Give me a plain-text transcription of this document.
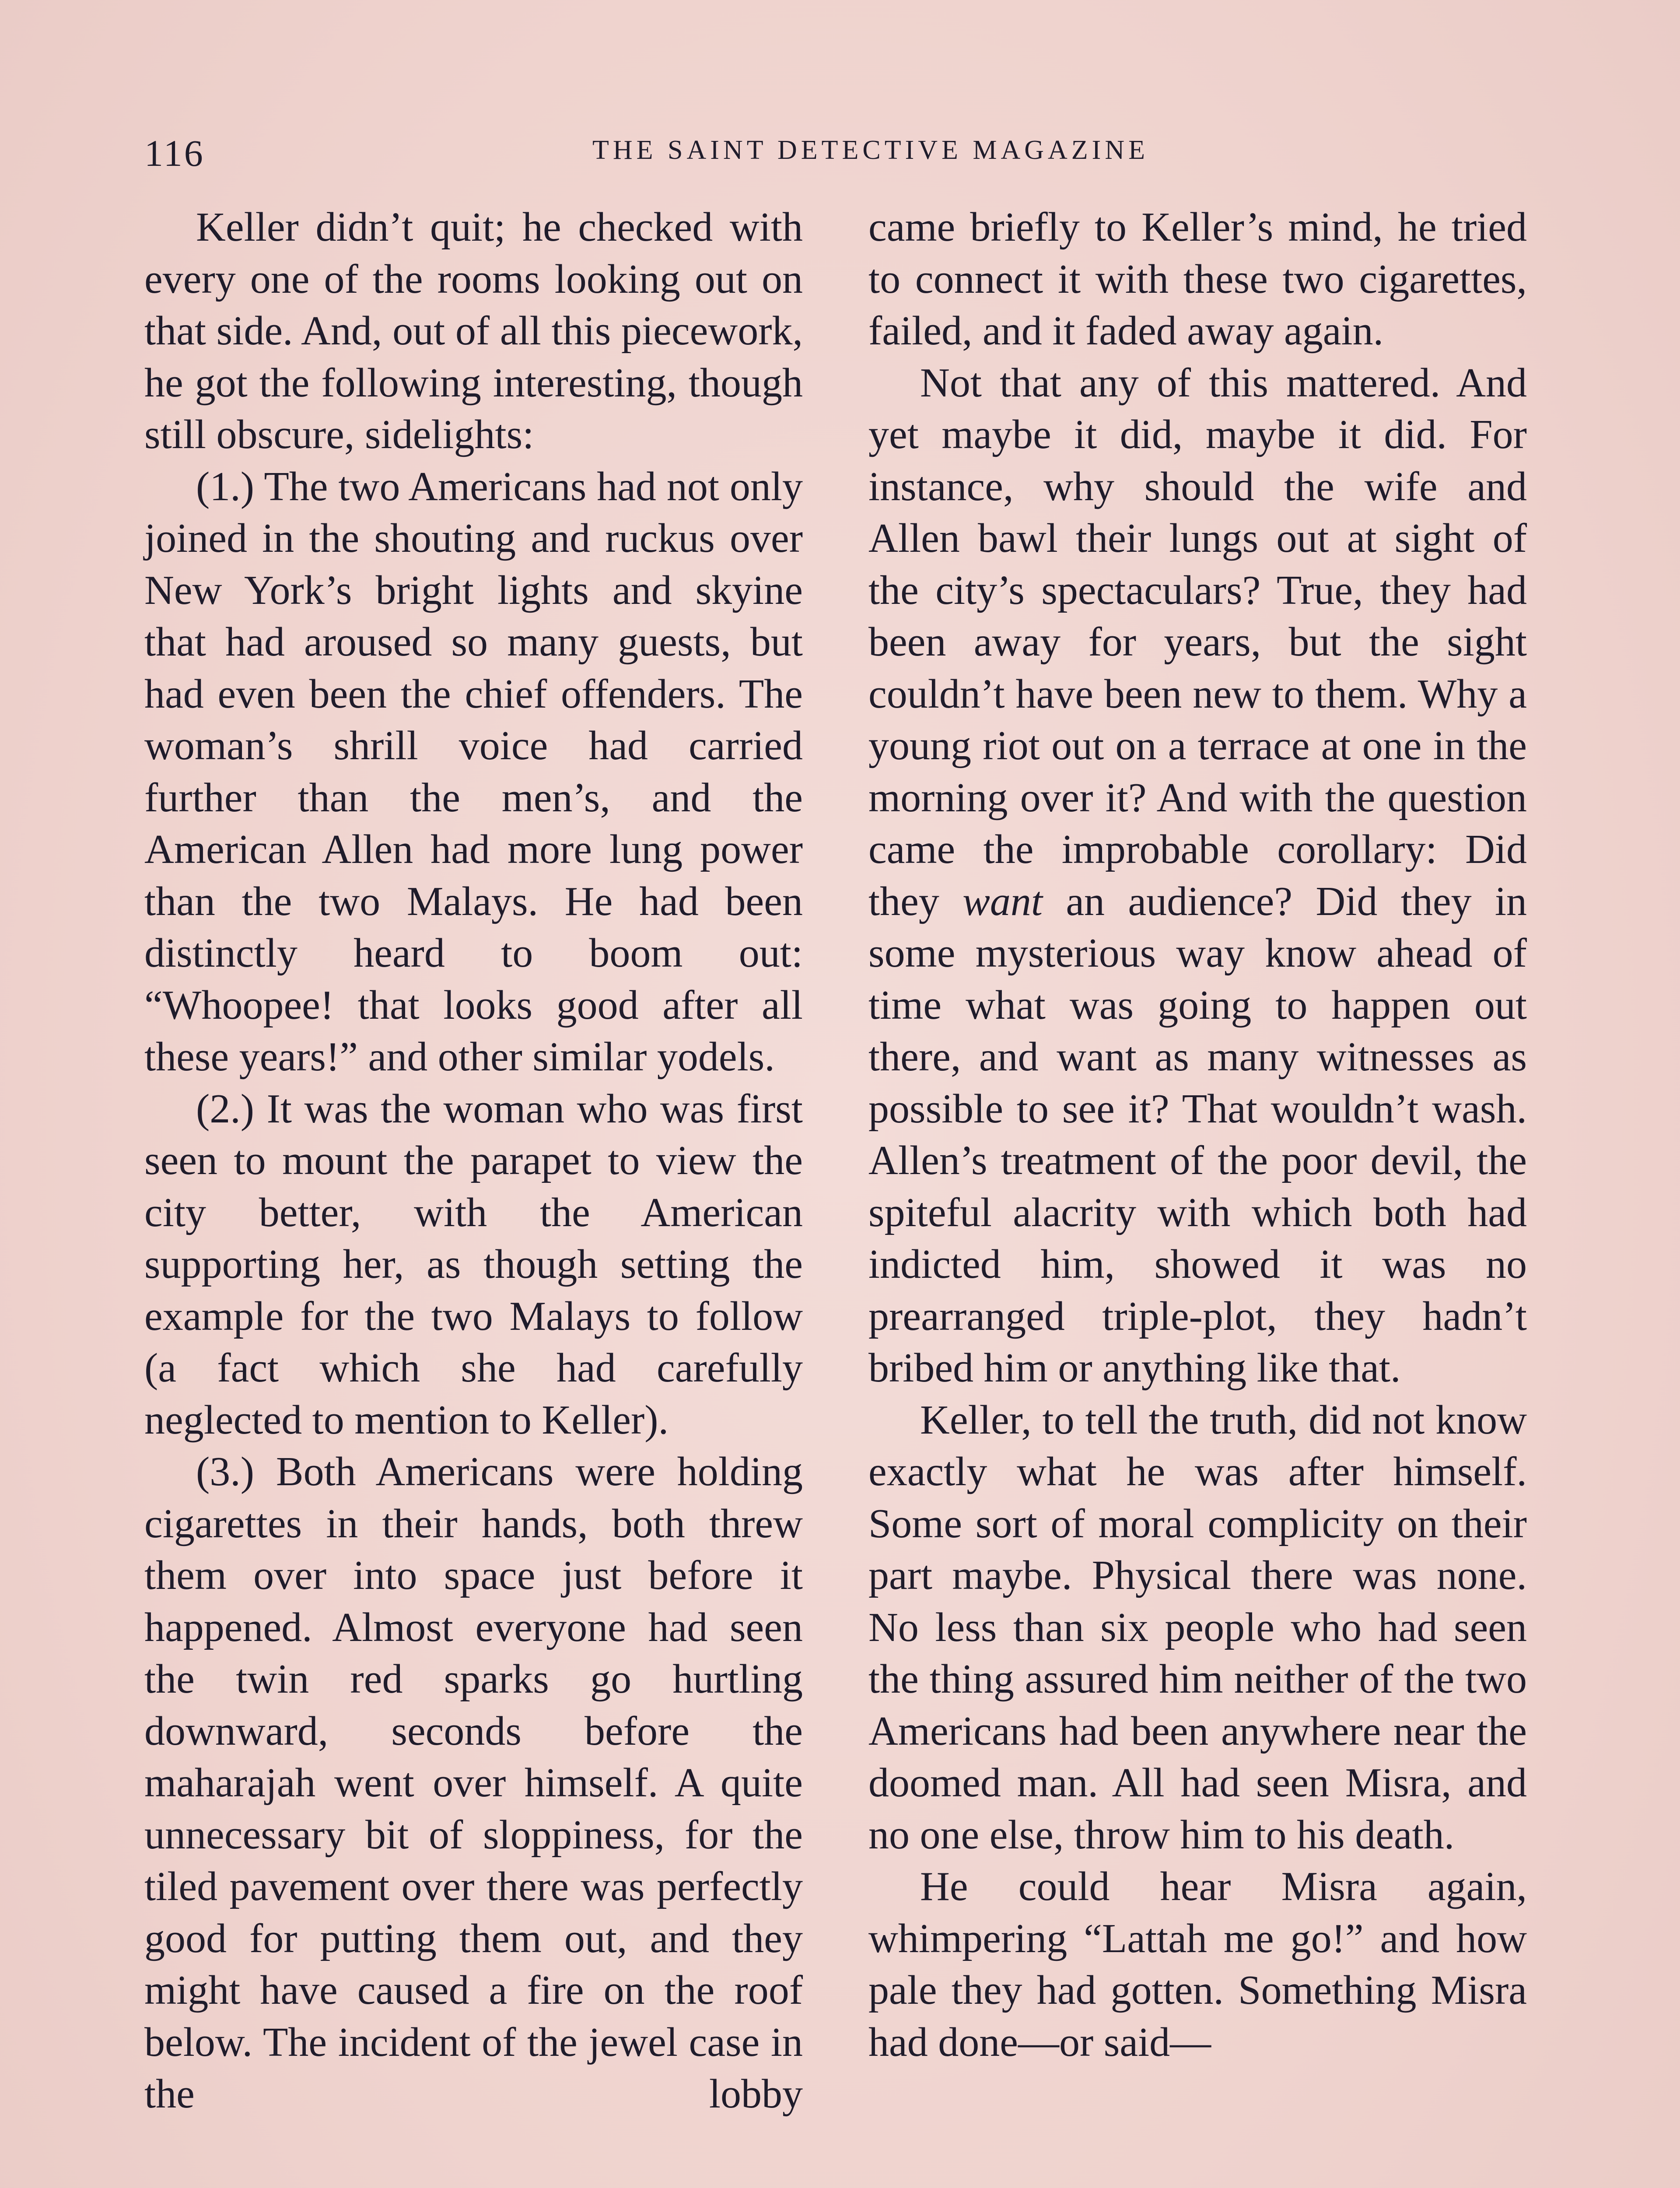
116	THE SAINT DETECTIVE MAGAZINE

Keller didn’t quit; he checked with every one of the rooms looking out on that side. And, out of all this piecework, he got the following interesting, though still obscure, sidelights:

(1.) The two Americans had not only joined in the shouting and ruckus over New York’s bright lights and skyine that had aroused so many guests, but had even been the chief offenders. The woman’s shrill voice had carried further than the men’s, and the American Allen had more lung power than the two Malays. He had been distinctly heard to boom out: “Whoopee! that looks good after all these years!” and other similar yodels.

(2.) It was the woman who was first seen to mount the parapet to view the city better, with the American supporting her, as though setting the example for the two Malays to follow (a fact which she had carefully neglected to mention to Keller).

(3.) Both Americans were holding cigarettes in their hands, both threw them over into space just before it happened. Almost everyone had seen the twin red sparks go hurtling downward, seconds before the maharajah went over himself. A quite unnecessary bit of sloppiness, for the tiled pavement over there was perfectly good for putting them out, and they might have caused a fire on the roof below. The incident of the jewel case in the lobby

came briefly to Keller’s mind, he tried to connect it with these two cigarettes, failed, and it faded away again.

Not that any of this mattered. And yet maybe it did, maybe it did. For instance, why should the wife and Allen bawl their lungs out at sight of the city’s spectaculars? True, they had been away for years, but the sight couldn’t have been new to them. Why a young riot out on a terrace at one in the morning over it? And with the question came the improbable corollary: Did they want an audience? Did they in some mysterious way know ahead of time what was going to happen out there, and want as many witnesses as possible to see it? That wouldn’t wash. Allen’s treatment of the poor devil, the spiteful alacrity with which both had indicted him, showed it was no prearranged triple-plot, they hadn’t bribed him or anything like that.

Keller, to tell the truth, did not know exactly what he was after himself. Some sort of moral complicity on their part maybe. Physical there was none. No less than six people who had seen the thing assured him neither of the two Americans had been anywhere near the doomed man. All had seen Misra, and no one else, throw him to his death.

He could hear Misra again, whimpering “Lattah me go!” and how pale they had gotten. Something Misra had done—or said—
